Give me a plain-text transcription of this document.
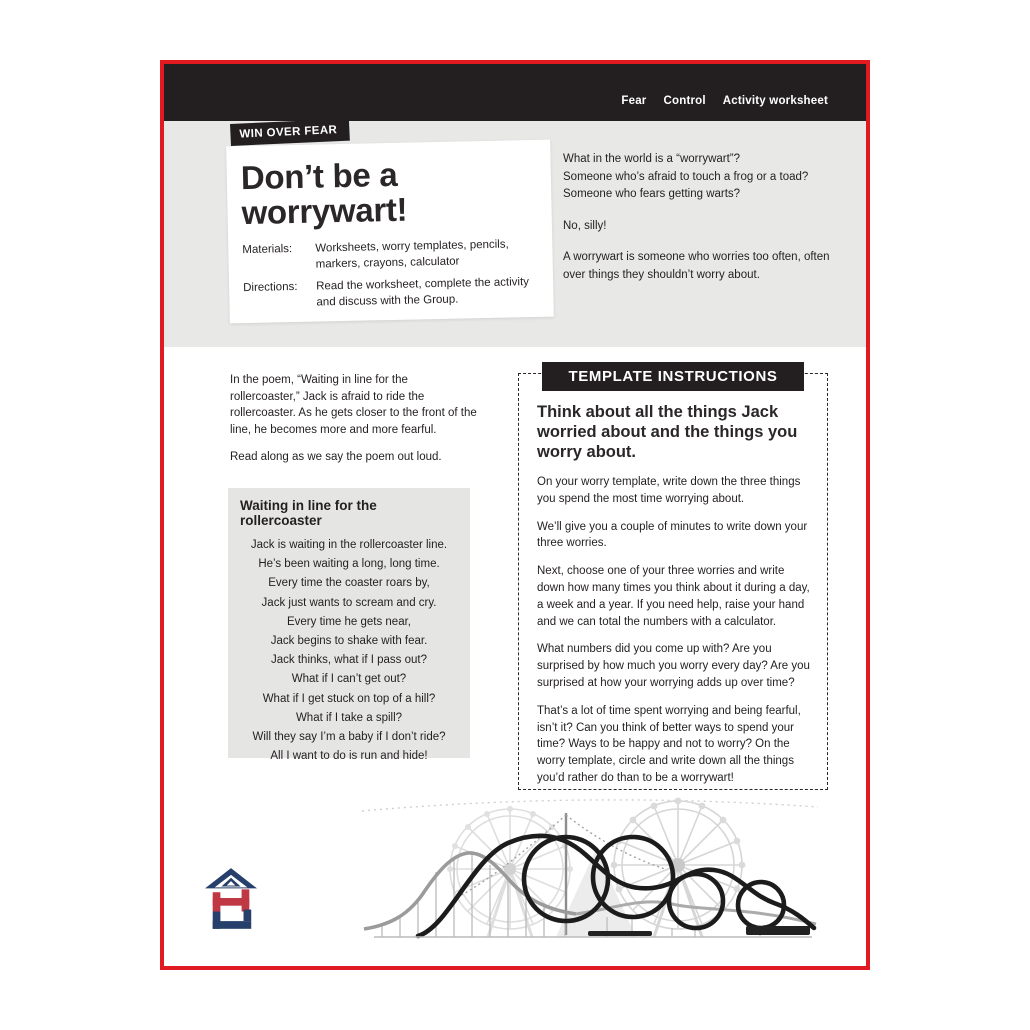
Fear Control Activity worksheet
WIN OVER FEAR
Don’t be a
worrywart!
Materials:	Worksheets, worry templates, pencils, markers, crayons, calculator
Directions:	Read the worksheet, complete the activity and discuss with the Group.
What in the world is a “worrywart”?
Someone who’s afraid to touch a frog or a toad?
Someone who fears getting warts?
No, silly!
A worrywart is someone who worries too often, often over things they shouldn’t worry about.

In the poem, “Waiting in line for the rollercoaster,” Jack is afraid to ride the rollercoaster. As he gets closer to the front of the line, he becomes more and more fearful.

Read along as we say the poem out loud.

Waiting in line for the rollercoaster
Jack is waiting in the rollercoaster line.
He’s been waiting a long, long time.
Every time the coaster roars by,
Jack just wants to scream and cry.
Every time he gets near,
Jack begins to shake with fear.
Jack thinks, what if I pass out?
What if I can’t get out?
What if I get stuck on top of a hill?
What if I take a spill?
Will they say I’m a baby if I don’t ride?
All I want to do is run and hide!
TEMPLATE INSTRUCTIONS

Think about all the things Jack worried about and the things you worry about.

On your worry template, write down the three things you spend the most time worrying about.

We’ll give you a couple of minutes to write down your three worries.

Next, choose one of your three worries and write down how many times you think about it during a day, a week and a year. If you need help, raise your hand and we can total the numbers with a calculator.

What numbers did you come up with? Are you surprised by how much you worry every day? Are you surprised at how your worrying adds up over time?

That’s a lot of time spent worrying and being fearful, isn’t it? Can you think of better ways to spend your time? Ways to be happy and not to worry? On the worry template, circle and write down all the things you’d rather do than to be a worrywart!
